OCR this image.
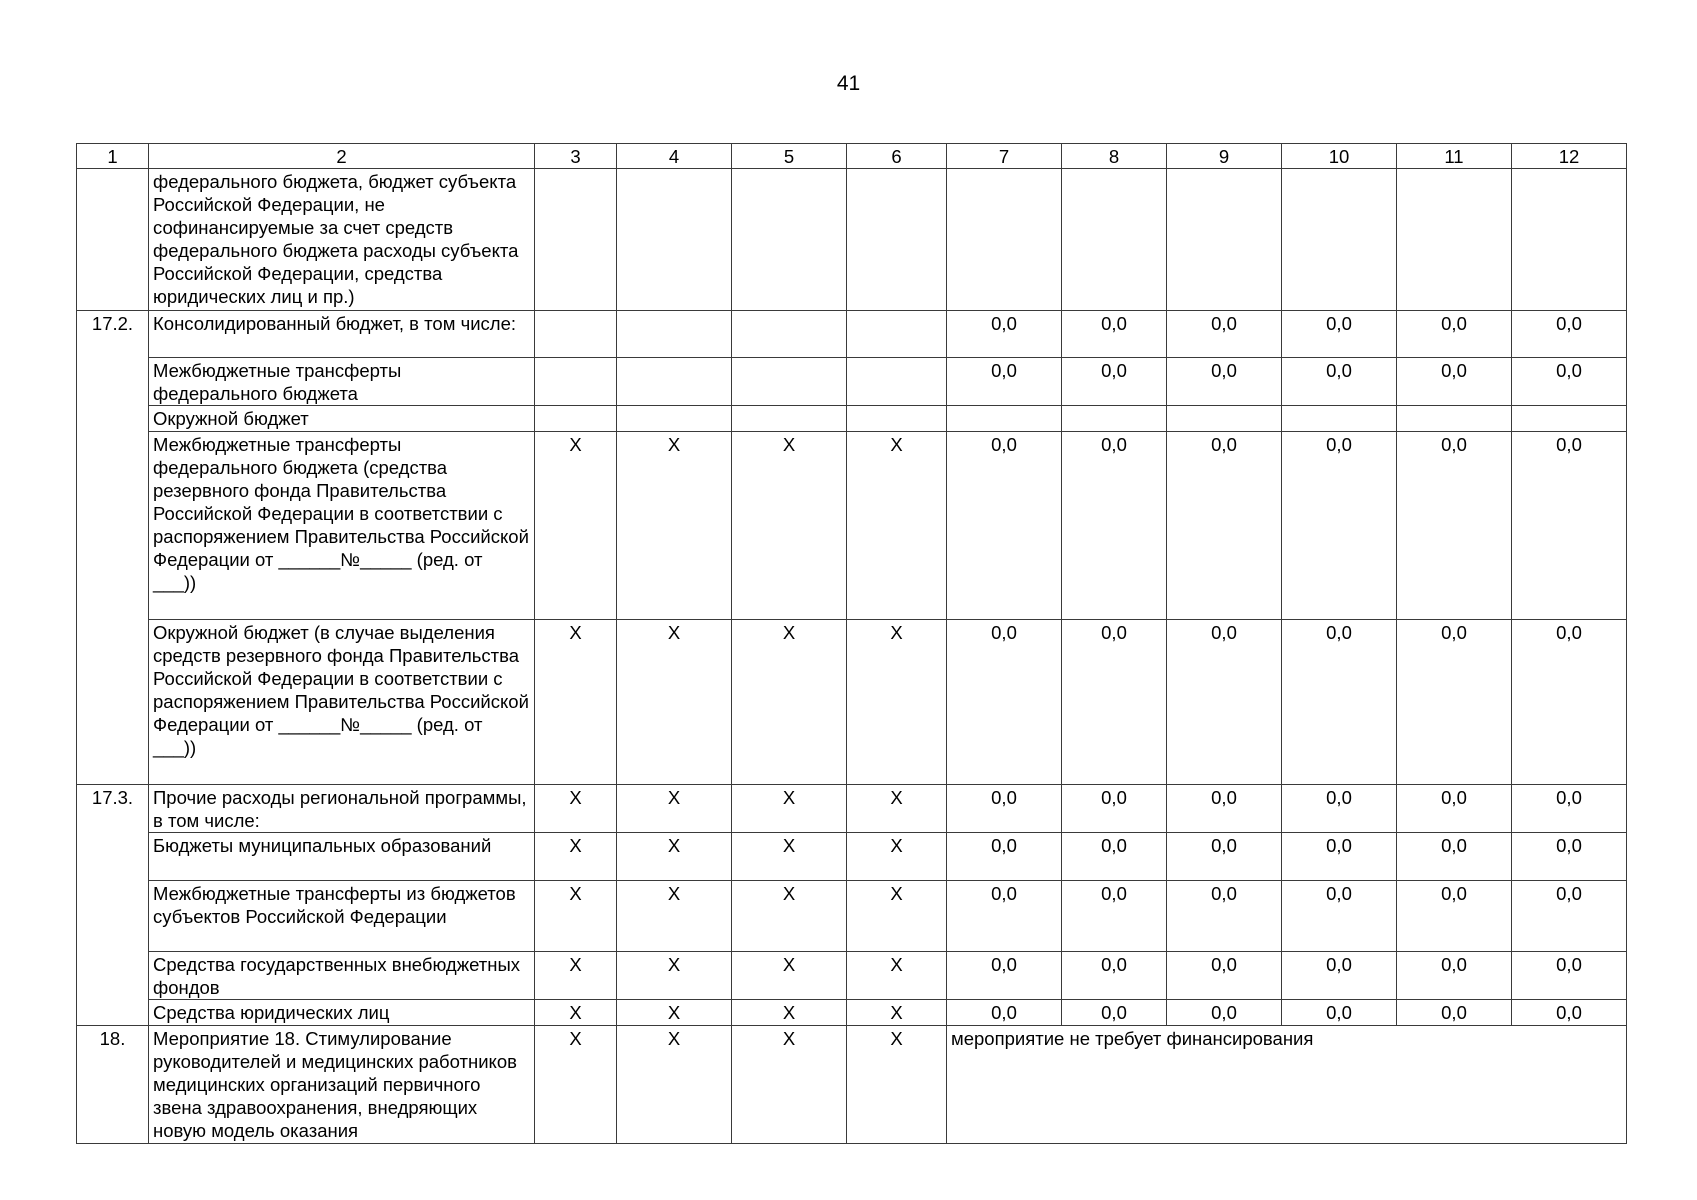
41
1	2	3	4	5	6	7	8	9	10	11	12
	федерального бюджета, бюджет субъекта Российской Федерации, не софинансируемые за счет средств федерального бюджета расходы субъекта Российской Федерации, средства юридических лиц и пр.)										
17.2.	Консолидированный бюджет, в том числе:					0,0	0,0	0,0	0,0	0,0	0,0
	Межбюджетные трансферты федерального бюджета					0,0	0,0	0,0	0,0	0,0	0,0
	Окружной бюджет										
	Межбюджетные трансферты федерального бюджета (средства резервного фонда Правительства Российской Федерации в соответствии с распоряжением Правительства Российской Федерации от ______№_____ (ред. от ___))	X	X	X	X	0,0	0,0	0,0	0,0	0,0	0,0
	Окружной бюджет (в случае выделения средств резервного фонда Правительства Российской Федерации в соответствии с распоряжением Правительства Российской Федерации от ______№_____ (ред. от ___))	X	X	X	X	0,0	0,0	0,0	0,0	0,0	0,0
17.3.	Прочие расходы региональной программы, в том числе:	X	X	X	X	0,0	0,0	0,0	0,0	0,0	0,0
	Бюджеты муниципальных образований	X	X	X	X	0,0	0,0	0,0	0,0	0,0	0,0
	Межбюджетные трансферты из бюджетов субъектов Российской Федерации	X	X	X	X	0,0	0,0	0,0	0,0	0,0	0,0
	Средства государственных внебюджетных фондов	X	X	X	X	0,0	0,0	0,0	0,0	0,0	0,0
	Средства юридических лиц	X	X	X	X	0,0	0,0	0,0	0,0	0,0	0,0
18.	Мероприятие 18. Стимулирование руководителей и медицинских работников медицинских организаций первичного звена здравоохранения, внедряющих новую модель оказания	X	X	X	X	мероприятие не требует финансирования					
